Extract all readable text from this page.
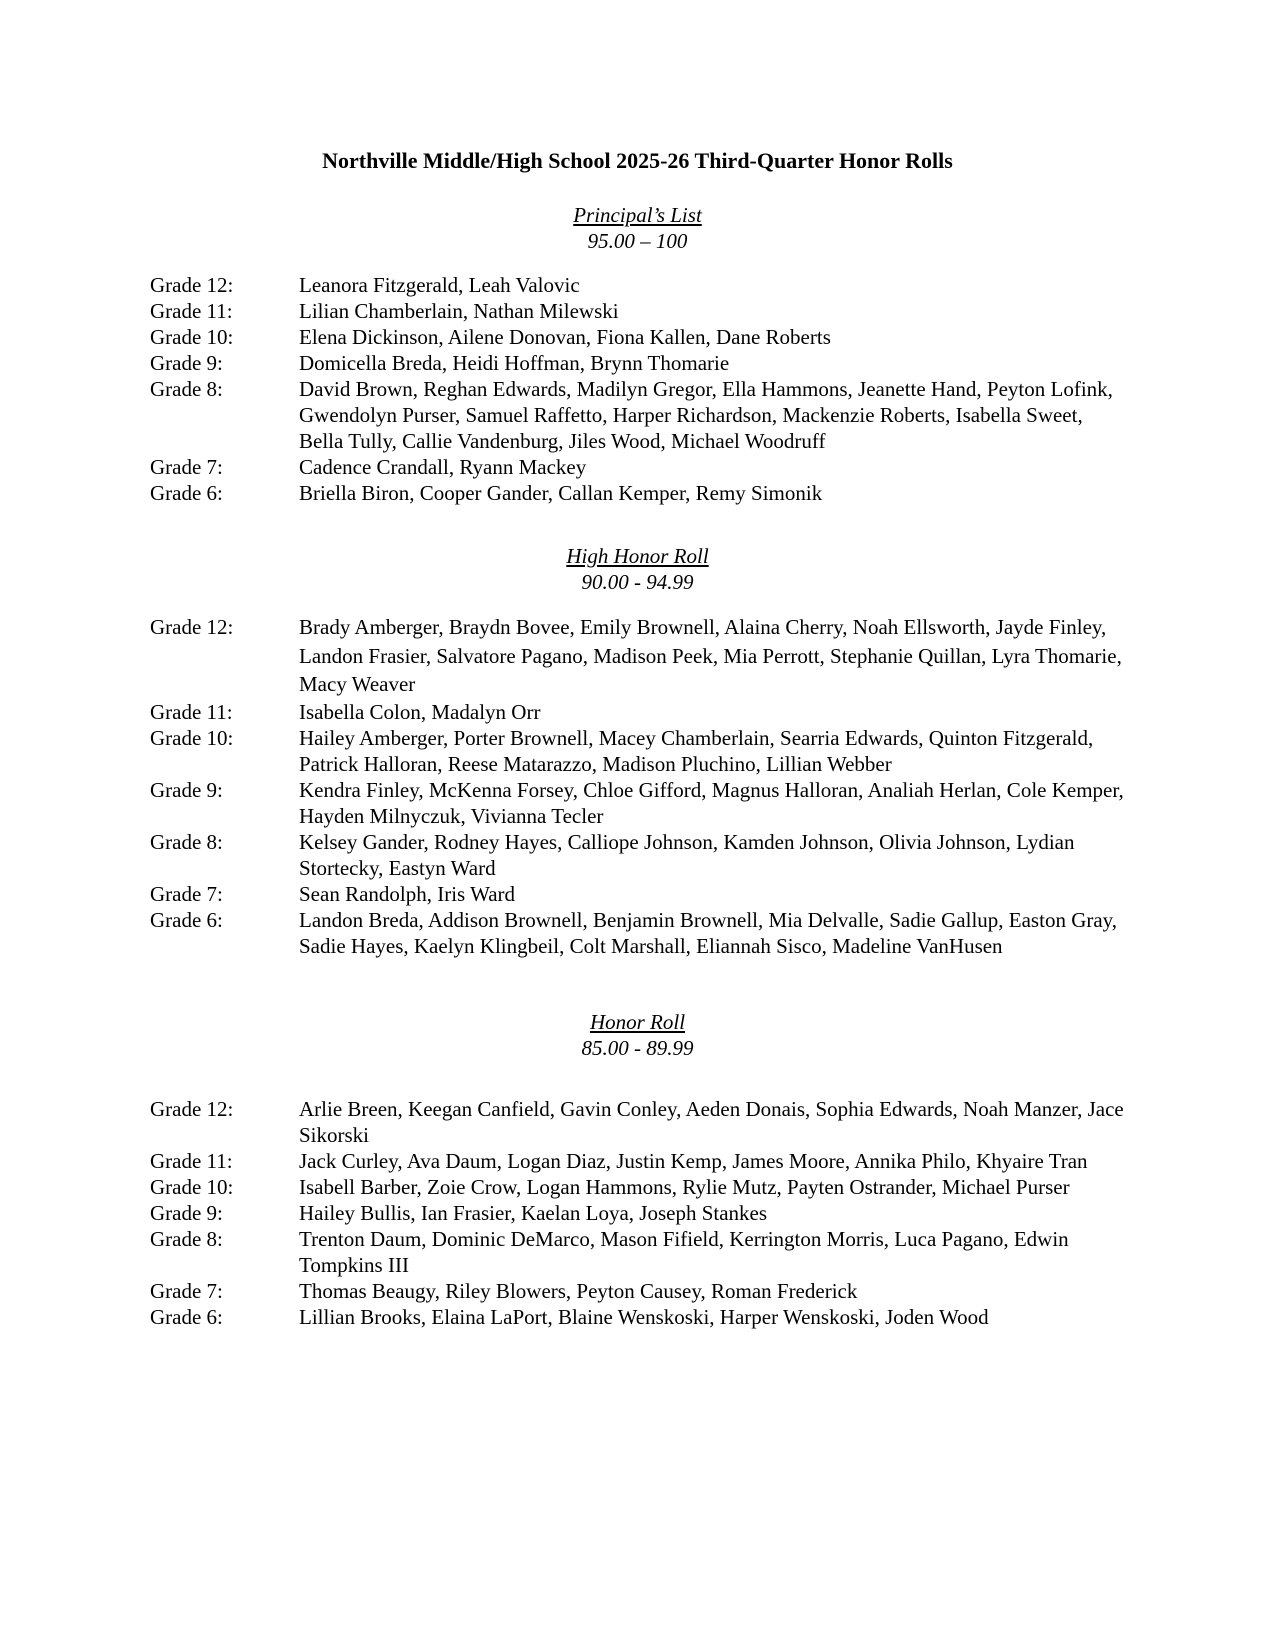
Northville Middle/High School 2025-26 Third-Quarter Honor Rolls
Principal’s List
95.00 – 100
Grade 12:	Leanora Fitzgerald, Leah Valovic
Grade 11:	Lilian Chamberlain, Nathan Milewski
Grade 10:	Elena Dickinson, Ailene Donovan, Fiona Kallen, Dane Roberts
Grade 9:	Domicella Breda, Heidi Hoffman, Brynn Thomarie
Grade 8:	David Brown, Reghan Edwards, Madilyn Gregor, Ella Hammons, Jeanette Hand, Peyton Lofink, Gwendolyn Purser, Samuel Raffetto, Harper Richardson, Mackenzie Roberts, Isabella Sweet, Bella Tully, Callie Vandenburg, Jiles Wood, Michael Woodruff
Grade 7:	Cadence Crandall, Ryann Mackey
Grade 6:	Briella Biron, Cooper Gander, Callan Kemper, Remy Simonik
High Honor Roll
90.00 - 94.99
Grade 12:	Brady Amberger, Braydn Bovee, Emily Brownell, Alaina Cherry, Noah Ellsworth, Jayde Finley, Landon Frasier, Salvatore Pagano, Madison Peek, Mia Perrott, Stephanie Quillan, Lyra Thomarie, Macy Weaver
Grade 11:	Isabella Colon, Madalyn Orr
Grade 10:	Hailey Amberger, Porter Brownell, Macey Chamberlain, Searria Edwards, Quinton Fitzgerald, Patrick Halloran, Reese Matarazzo, Madison Pluchino, Lillian Webber
Grade 9:	Kendra Finley, McKenna Forsey, Chloe Gifford, Magnus Halloran, Analiah Herlan, Cole Kemper, Hayden Milnyczuk, Vivianna Tecler
Grade 8:	Kelsey Gander, Rodney Hayes, Calliope Johnson, Kamden Johnson, Olivia Johnson, Lydian Stortecky, Eastyn Ward
Grade 7:	Sean Randolph, Iris Ward
Grade 6:	Landon Breda, Addison Brownell, Benjamin Brownell, Mia Delvalle, Sadie Gallup, Easton Gray, Sadie Hayes, Kaelyn Klingbeil, Colt Marshall, Eliannah Sisco, Madeline VanHusen
Honor Roll
85.00 - 89.99
Grade 12:	Arlie Breen, Keegan Canfield, Gavin Conley, Aeden Donais, Sophia Edwards, Noah Manzer, Jace Sikorski
Grade 11:	Jack Curley, Ava Daum, Logan Diaz, Justin Kemp, James Moore, Annika Philo, Khyaire Tran
Grade 10:	Isabell Barber, Zoie Crow, Logan Hammons, Rylie Mutz, Payten Ostrander, Michael Purser
Grade 9:	Hailey Bullis, Ian Frasier, Kaelan Loya, Joseph Stankes
Grade 8:	Trenton Daum, Dominic DeMarco, Mason Fifield, Kerrington Morris, Luca Pagano, Edwin Tompkins III
Grade 7:	Thomas Beaugy, Riley Blowers, Peyton Causey, Roman Frederick
Grade 6:	Lillian Brooks, Elaina LaPort, Blaine Wenskoski, Harper Wenskoski, Joden Wood
